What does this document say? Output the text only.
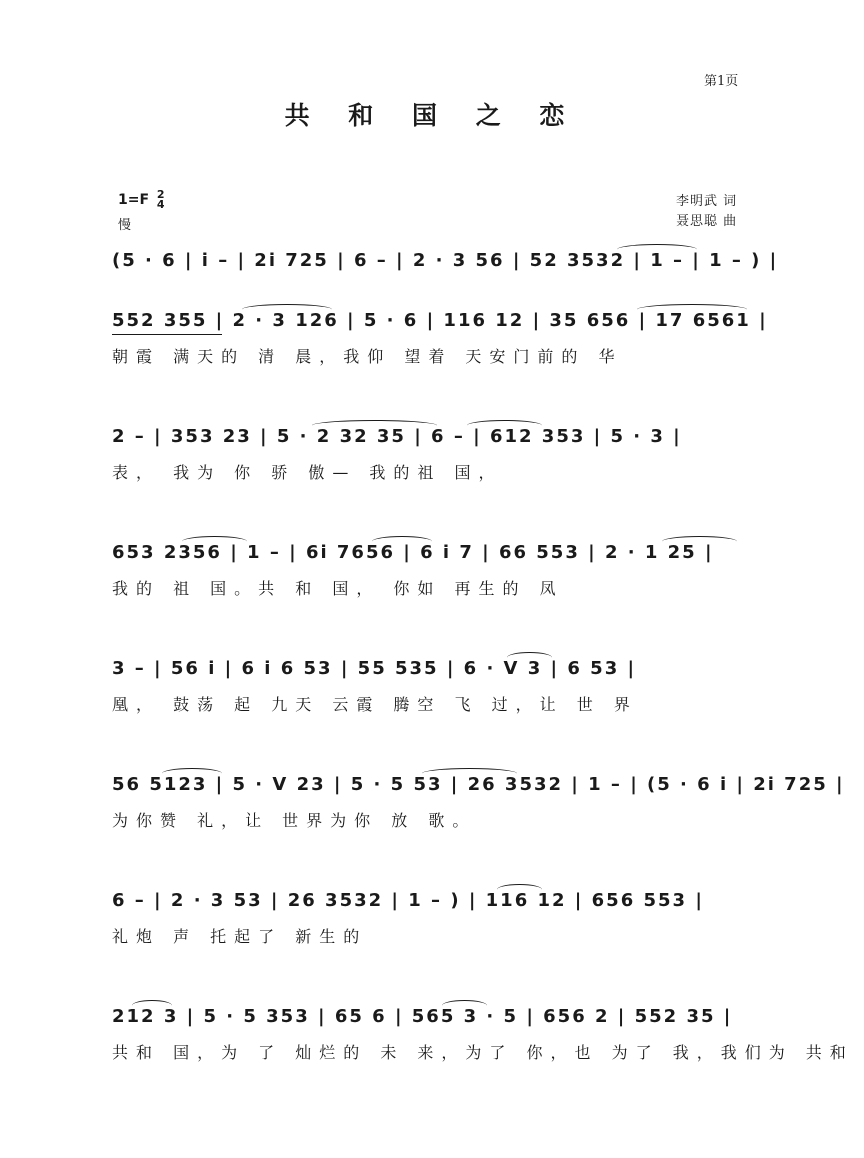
第1页
共 和 国 之 恋
1=F 2
4
慢
李明武 词
聂思聪 曲
(5 · 6 | i – | 2i 725 | 6 – | 2 · 3 56 | 52 3532 | 1 – | 1 – ) |
552 355 | 2 · 3 126 | 5 · 6 | 116 12 | 35 656 | 17 6561 |
朝霞 满天的 清 晨，我仰 望着 天安门前的 华
2 – | 353 23 | 5 · 2 32 35 | 6 – | 612 353 | 5 · 3 |
表， 我为 你 骄 傲— 我的祖 国，
653 2356 | 1 – | 6i 7656 | 6 i 7 | 66 553 | 2 · 1 25 |
我的 祖 国。共 和 国， 你如 再生的 凤
3 – | 56 i | 6 i 6 53 | 55 535 | 6 · V 3 | 6 53 |
凰， 鼓荡 起 九天 云霞 腾空 飞 过，让 世 界
56 5123 | 5 · V 23 | 5 · 5 53 | 26 3532 | 1 – | (5 · 6 i | 2i 725 |
为你赞 礼，让 世界为你 放 歌。
6 – | 2 · 3 53 | 26 3532 | 1 – ) | 116 12 | 656 553 |
礼炮 声 托起了 新生的
212 3 | 5 · 5 353 | 65 6 | 565 3 · 5 | 656 2 | 552 35 |
共和 国，为 了 灿烂的 未 来，为了 你，也 为了 我，我们为 共和
